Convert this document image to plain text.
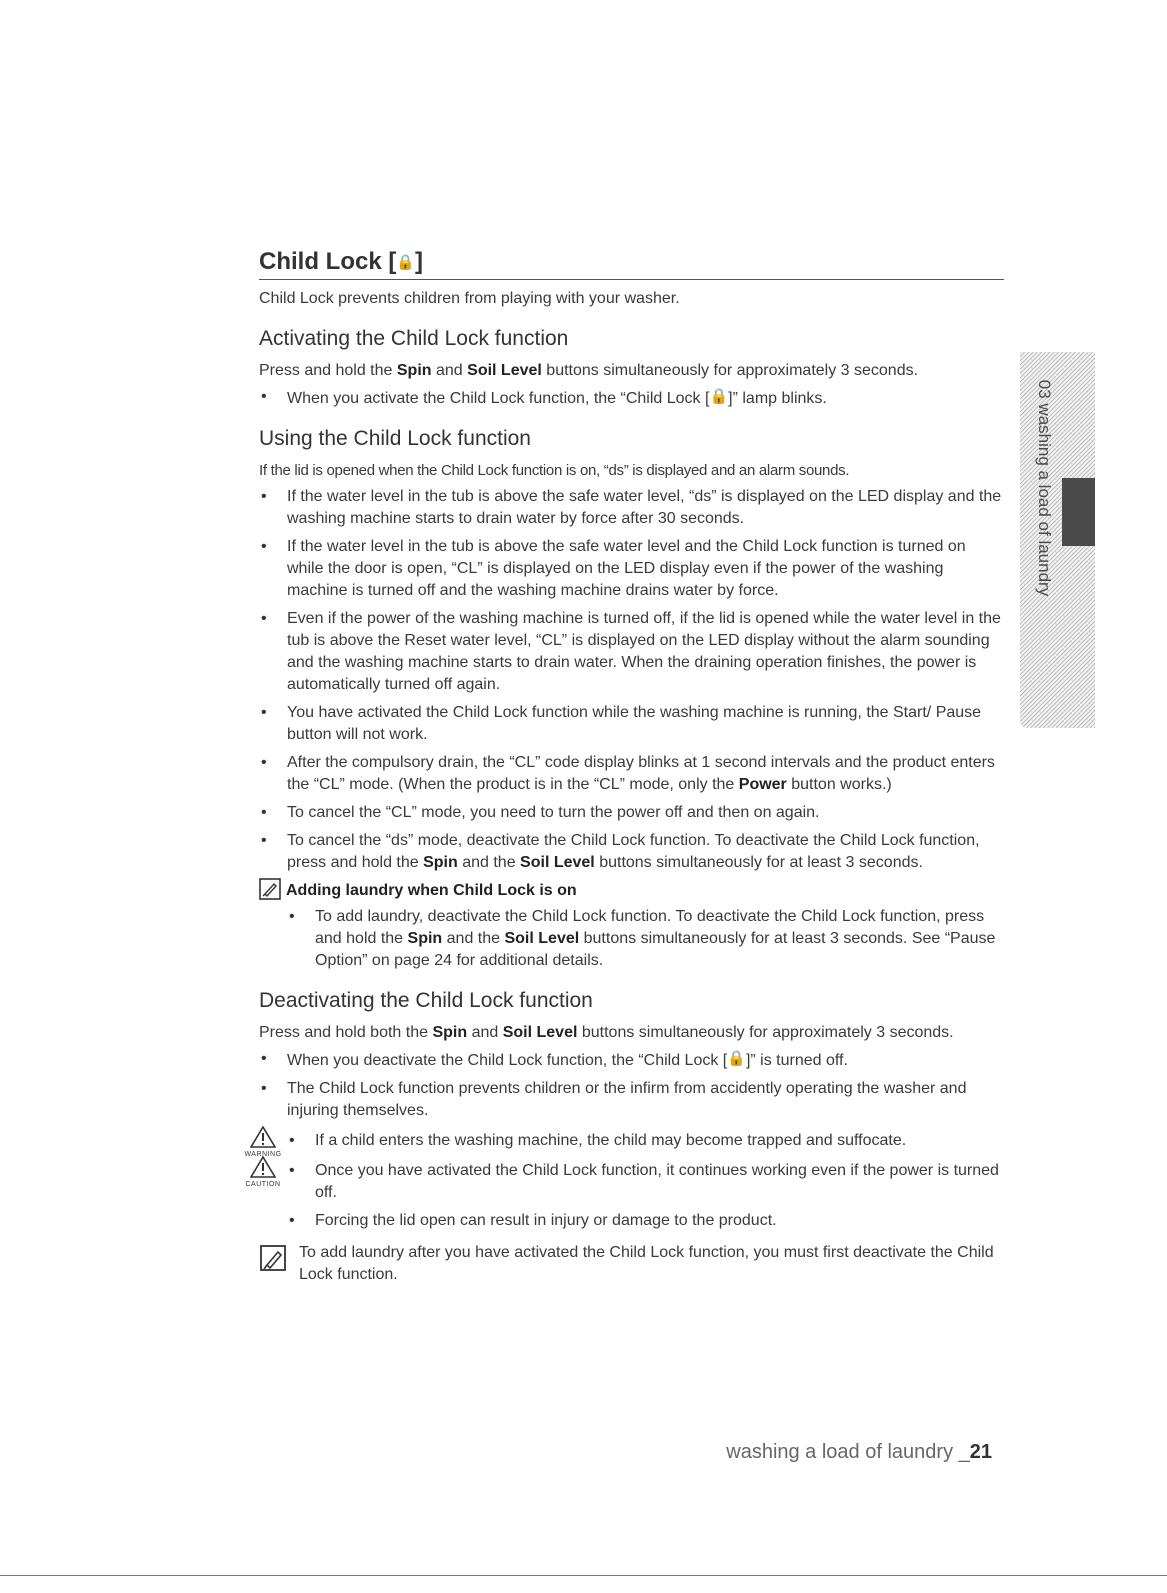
Child Lock [🔒]

Child Lock prevents children from playing with your washer.

Activating the Child Lock function

Press and hold the Spin and Soil Level buttons simultaneously for approximately 3 seconds.

• When you activate the Child Lock function, the “Child Lock [🔒]” lamp blinks.
Using the Child Lock function

If the lid is opened when the Child Lock function is on, “ds” is displayed and an alarm sounds.

• If the water level in the tub is above the safe water level, “ds” is displayed on the LED display and the washing machine starts to drain water by force after 30 seconds.
• If the water level in the tub is above the safe water level and the Child Lock function is turned on while the door is open, “CL” is displayed on the LED display even if the power of the washing machine is turned off and the washing machine drains water by force.
• Even if the power of the washing machine is turned off, if the lid is opened while the water level in the tub is above the Reset water level, “CL” is displayed on the LED display without the alarm sounding and the washing machine starts to drain water. When the draining operation finishes, the power is automatically turned off again.
• You have activated the Child Lock function while the washing machine is running, the Start/ Pause button will not work.
• After the compulsory drain, the “CL” code display blinks at 1 second intervals and the product enters the “CL” mode. (When the product is in the “CL” mode, only the Power button works.)
• To cancel the “CL” mode, you need to turn the power off and then on again.
• To cancel the “ds” mode, deactivate the Child Lock function. To deactivate the Child Lock function, press and hold the Spin and the Soil Level buttons simultaneously for at least 3 seconds.
Adding laundry when Child Lock is on
• To add laundry, deactivate the Child Lock function. To deactivate the Child Lock function, press and hold the Spin and the Soil Level buttons simultaneously for at least 3 seconds. See “Pause Option” on page 24 for additional details.
Deactivating the Child Lock function

Press and hold both the Spin and Soil Level buttons simultaneously for approximately 3 seconds.

• When you deactivate the Child Lock function, the “Child Lock [🔒]” is turned off.
• The Child Lock function prevents children or the infirm from accidently operating the washer and injuring themselves.
WARNING
• If a child enters the washing machine, the child may become trapped and suffocate.
CAUTION
• Once you have activated the Child Lock function, it continues working even if the power is turned off.
• Forcing the lid open can result in injury or damage to the product.
To add laundry after you have activated the Child Lock function, you must first deactivate the Child Lock function.
03 washing a load of laundry
washing a load of laundry _21
